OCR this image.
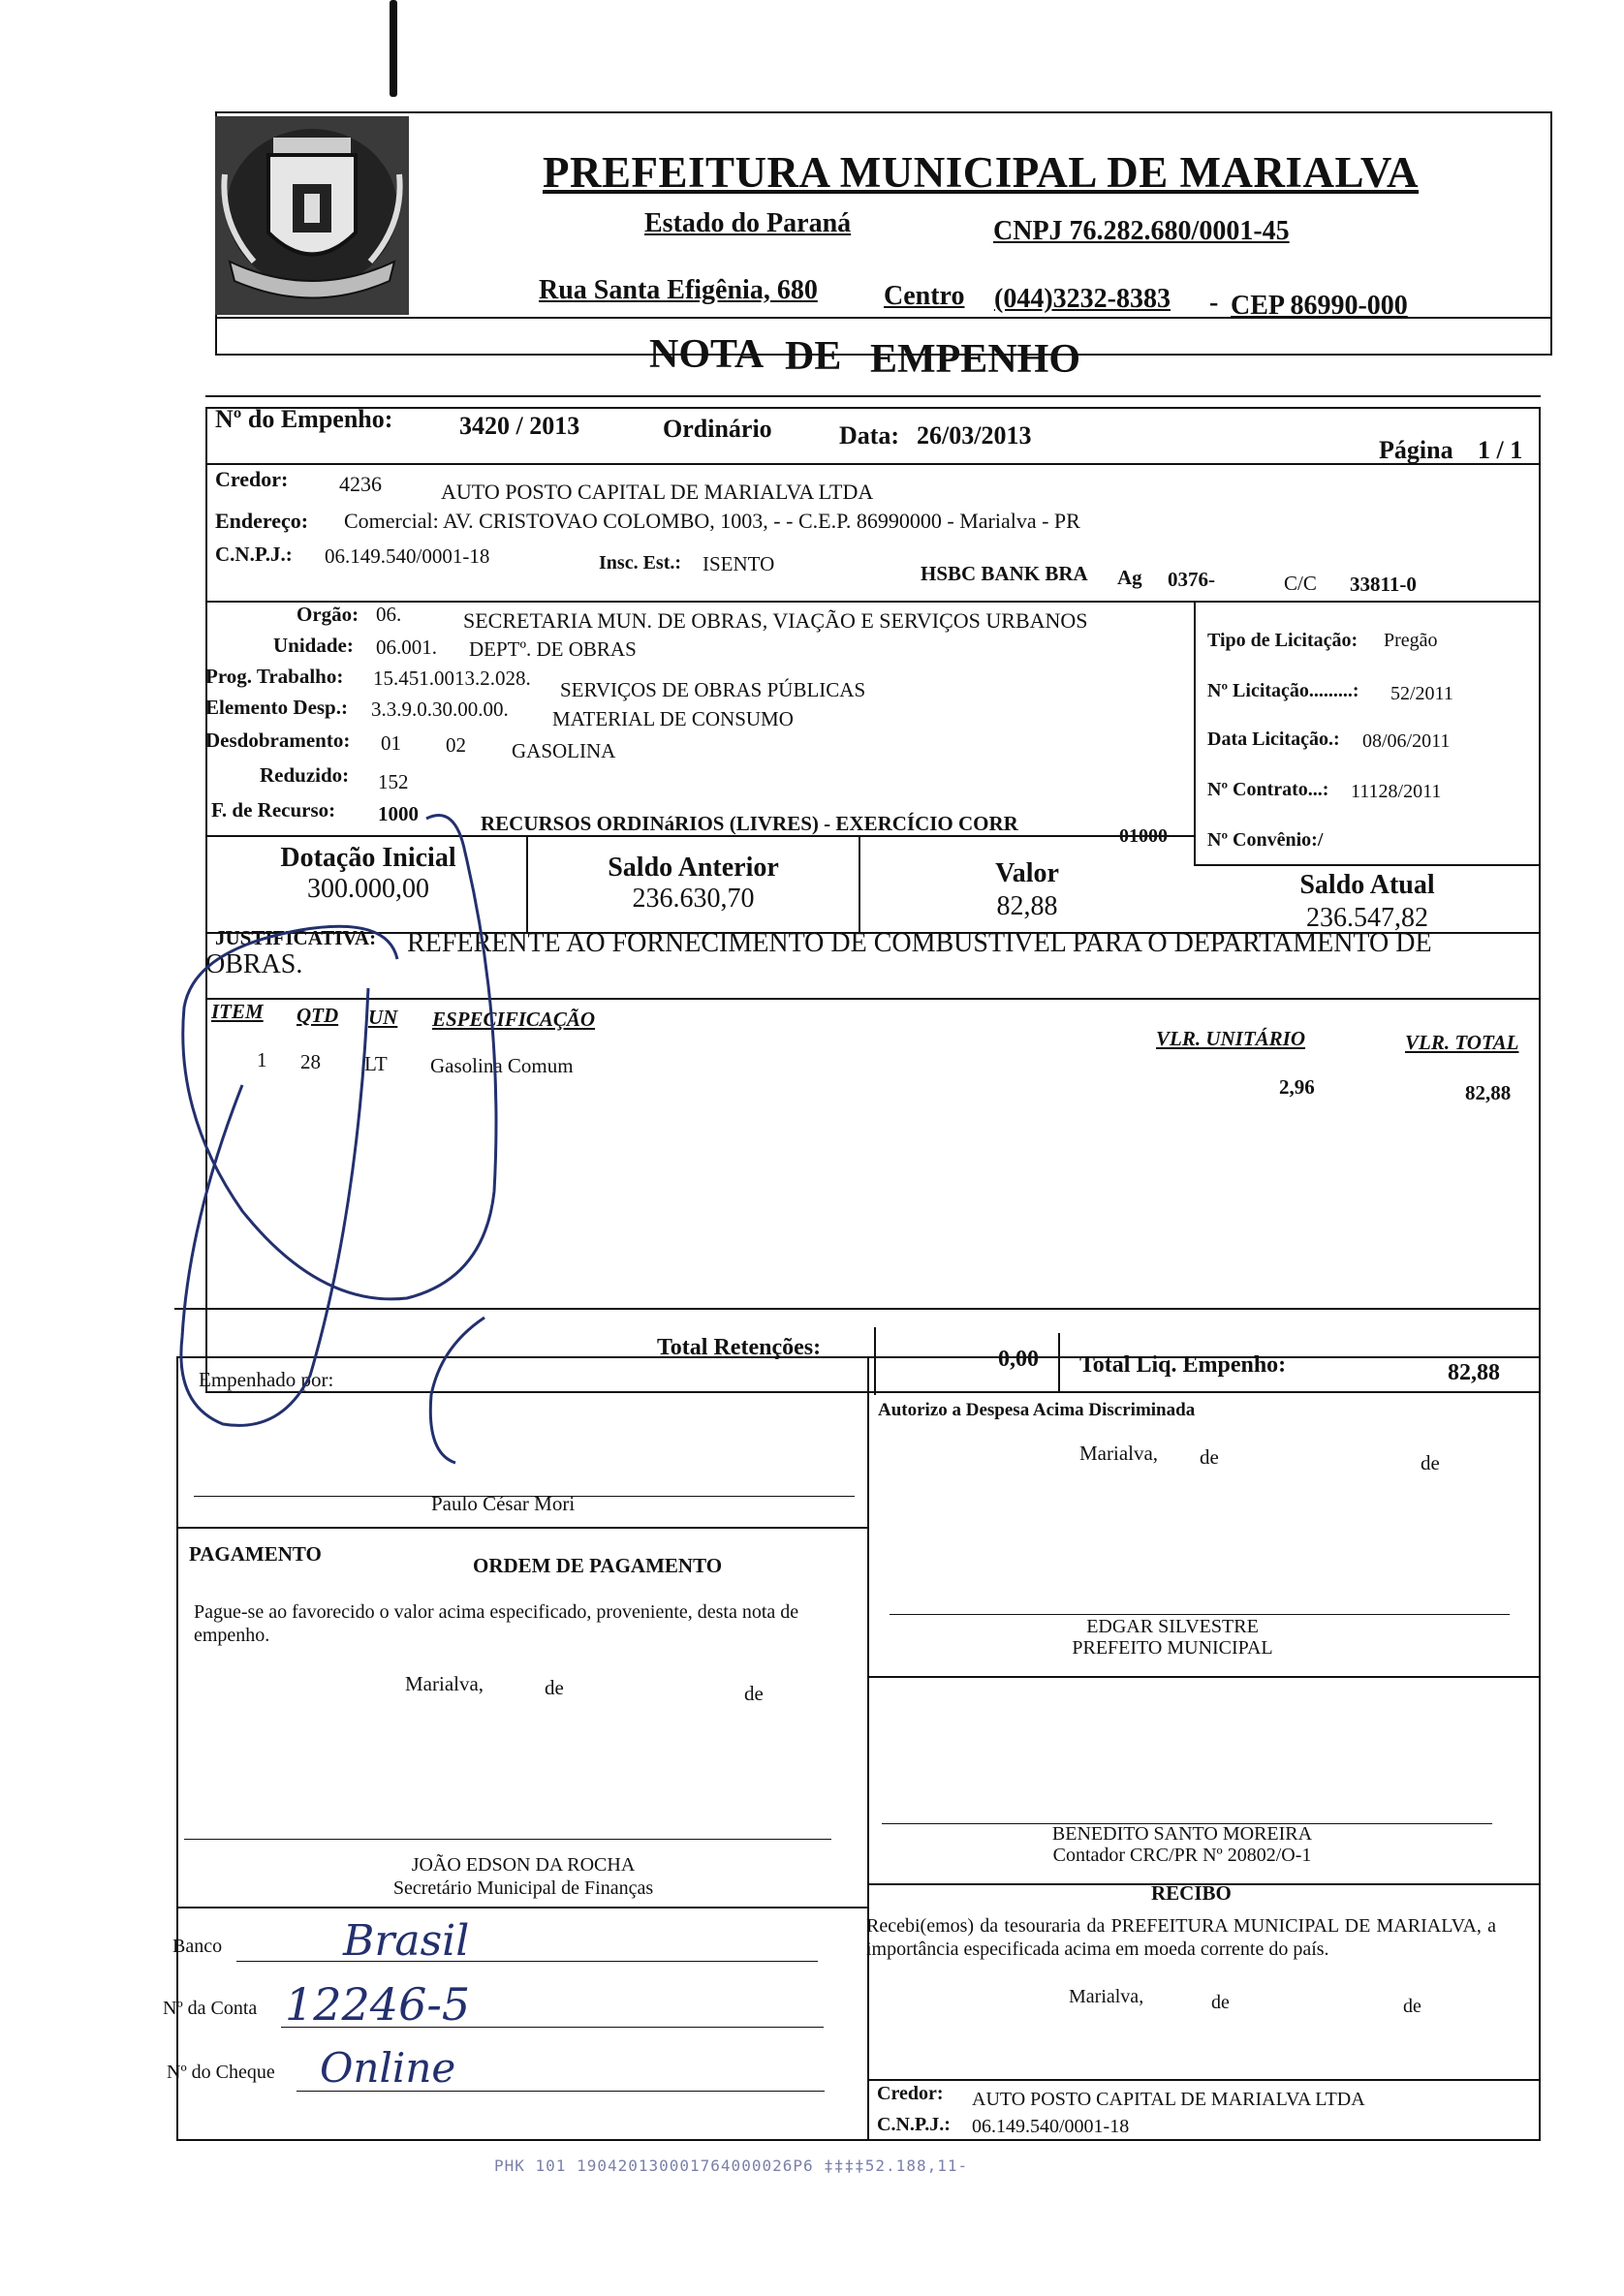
PREFEITURA MUNICIPAL DE MARIALVA
Estado do Paraná	CNPJ 76.282.680/0001-45
Rua Santa Efigênia, 680 Centro (044)3232-8383 - CEP 86990-000
NOTA DE EMPENHO
Nº do Empenho:	3420 / 2013	Ordinário	Data: 26/03/2013
Página 1 / 1
Credor: 4236	AUTO POSTO CAPITAL DE MARIALVA LTDA
Endereço: Comercial: AV. CRISTOVAO COLOMBO, 1003, - - C.E.P. 86990000 - Marialva - PR
C.N.P.J.: 06.149.540/0001-18	Insc. Est.: ISENTO	HSBC BANK BRA Ag 0376-	C/C 33811-0
Orgão: 06.	SECRETARIA MUN. DE OBRAS, VIAÇÃO E SERVIÇOS URBANOS
Unidade: 06.001. DEPTº. DE OBRAS
Prog. Trabalho: 15.451.0013.2.028. SERVIÇOS DE OBRAS PÚBLICAS
Elemento Desp.: 3.3.9.0.30.00.00. MATERIAL DE CONSUMO
Desdobramento: 01 02 GASOLINA
Reduzido: 152
F. de Recurso: 1000	RECURSOS ORDINáRIOS (LIVRES) - EXERCÍCIO CORR
01000
Tipo de Licitação: Pregão
Nº Licitação.........: 52/2011
Data Licitação.: 08/06/2011
Nº Contrato...: 11128/2011
Nº Convênio:/
Dotação Inicial
300.000,00
Saldo Anterior
236.630,70
Valor
82,88
Saldo Atual
236.547,82
JUSTIFICATIVA: REFERENTE AO FORNECIMENTO DE COMBUSTIVEL PARA O DEPARTAMENTO DE
OBRAS.
ITEM QTD UN ESPECIFICAÇÃO
VLR. UNITÁRIO	VLR. TOTAL
1 28 LT Gasolina Comum
2,96	82,88
Total Retenções:	0,00 Total Liq. Empenho:	82,88
Empenhado por:
Paulo César Mori
Autorizo a Despesa Acima Discriminada
Marialva, de	de
PAGAMENTO	ORDEM DE PAGAMENTO
Pague-se ao favorecido o valor acima especificado, proveniente, desta nota de empenho.
Marialva,	de	de
EDGAR SILVESTRE
PREFEITO MUNICIPAL
JOÃO EDSON DA ROCHA
Secretário Municipal de Finanças
BENEDITO SANTO MOREIRA
Contador CRC/PR Nº 20802/O-1
Banco	Brasil
Nº da Conta 12246-5
Nº do Cheque Online
RECIBO
Recebi(emos) da tesouraria da PREFEITURA MUNICIPAL DE MARIALVA, a importância especificada acima em moeda corrente do país.
Marialva,	de	de
Credor: AUTO POSTO CAPITAL DE MARIALVA LTDA
C.N.P.J.: 06.149.540/0001-18
PHK 101 190420130001764000026P6 ‡‡‡‡52.188,11-
